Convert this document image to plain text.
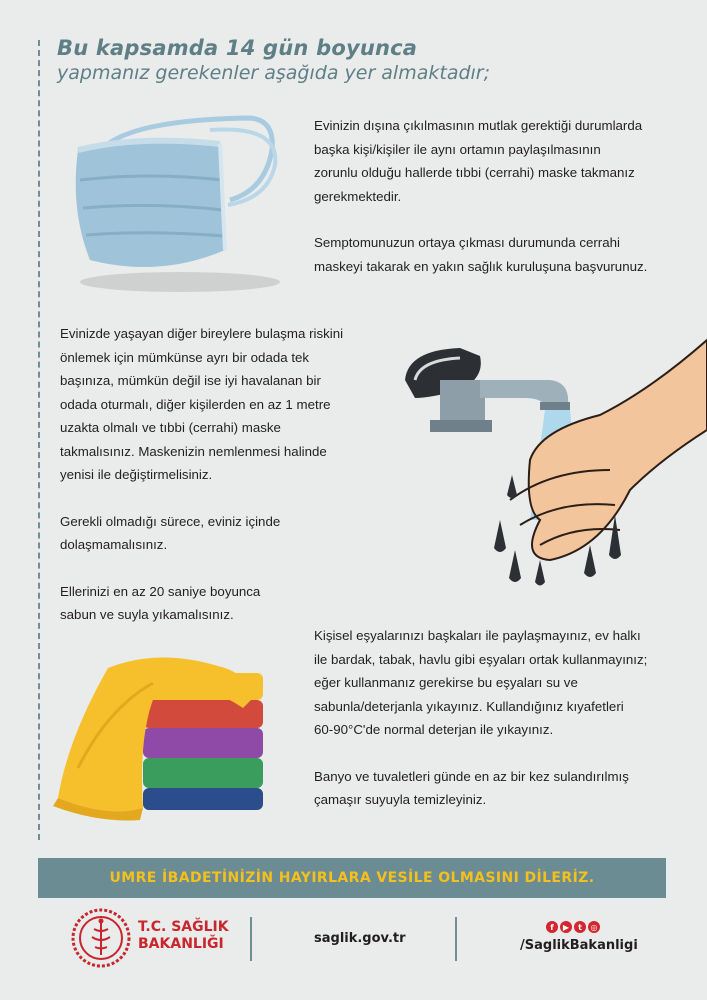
Bu kapsamda 14 gün boyunca
yapmanız gerekenler aşağıda yer almaktadır;

Evinizin dışına çıkılmasının mutlak gerektiği durumlarda
başka kişi/kişiler ile aynı ortamın paylaşılmasının
zorunlu olduğu hallerde tıbbi (cerrahi) maske takmanız
gerekmektedir.

Semptomunuzun ortaya çıkması durumunda cerrahi
maskeyi takarak en yakın sağlık kuruluşuna başvurunuz.

Evinizde yaşayan diğer bireylere bulaşma riskini
önlemek için mümkünse ayrı bir odada tek
başınıza, mümkün değil ise iyi havalanan bir
odada oturmalı, diğer kişilerden en az 1 metre
uzakta olmalı ve tıbbi (cerrahi) maske
takmalısınız. Maskenizin nemlenmesi halinde
yenisi ile değiştirmelisiniz.

Gerekli olmadığı sürece, eviniz içinde
dolaşmamalısınız.

Ellerinizi en az 20 saniye boyunca
sabun ve suyla yıkamalısınız.

Kişisel eşyalarınızı başkaları ile paylaşmayınız, ev halkı
ile bardak, tabak, havlu gibi eşyaları ortak kullanmayınız;
eğer kullanmanız gerekirse bu eşyaları su ve
sabunla/deterjanla yıkayınız. Kullandığınız kıyafetleri
60-90°C'de normal deterjan ile yıkayınız.

Banyo ve tuvaletleri günde en az bir kez sulandırılmış
çamaşır suyuyla temizleyiniz.

UMRE İBADETİNİZİN HAYIRLARA VESİLE OLMASINI DİLERİZ.
T.C. SAĞLIK
BAKANLIĞI	saglik.gov.tr
f	▶	t	◎
/SaglikBakanligi
